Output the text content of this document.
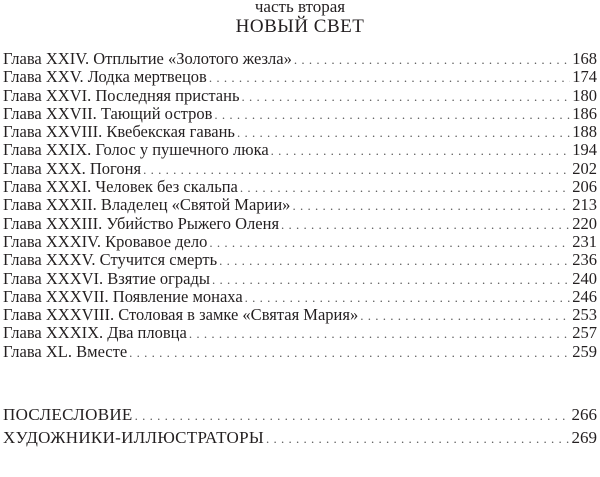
часть вторая
НОВЫЙ СВЕТ
Глава XXIV. Отплытие «Золотого жезла» . . .	168
Глава XXV. Лодка мертвецов . . .	174
Глава XXVI. Последняя пристань . . .	180
Глава XXVII. Тающий остров . . .	186
Глава XXVIII. Квебекская гавань . . .	188
Глава XXIX. Голос у пушечного люка . . .	194
Глава XXX. Погоня . . .	202
Глава XXXI. Человек без скальпа . . .	206
Глава XXXII. Владелец «Святой Марии» . . .	213
Глава XXXIII. Убийство Рыжего Оленя . . .	220
Глава XXXIV. Кровавое дело . . .	231
Глава XXXV. Стучится смерть . . .	236
Глава XXXVI. Взятие ограды . . .	240
Глава XXXVII. Появление монаха . . .	246
Глава XXXVIII. Столовая в замке «Святая Мария» . . .	253
Глава XXXIX. Два пловца . . .	257
Глава XL. Вместе . . .	259
ПОСЛЕСЛОВИЕ . . .	266
ХУДОЖНИКИ-ИЛЛЮСТРАТОРЫ . . .	269
